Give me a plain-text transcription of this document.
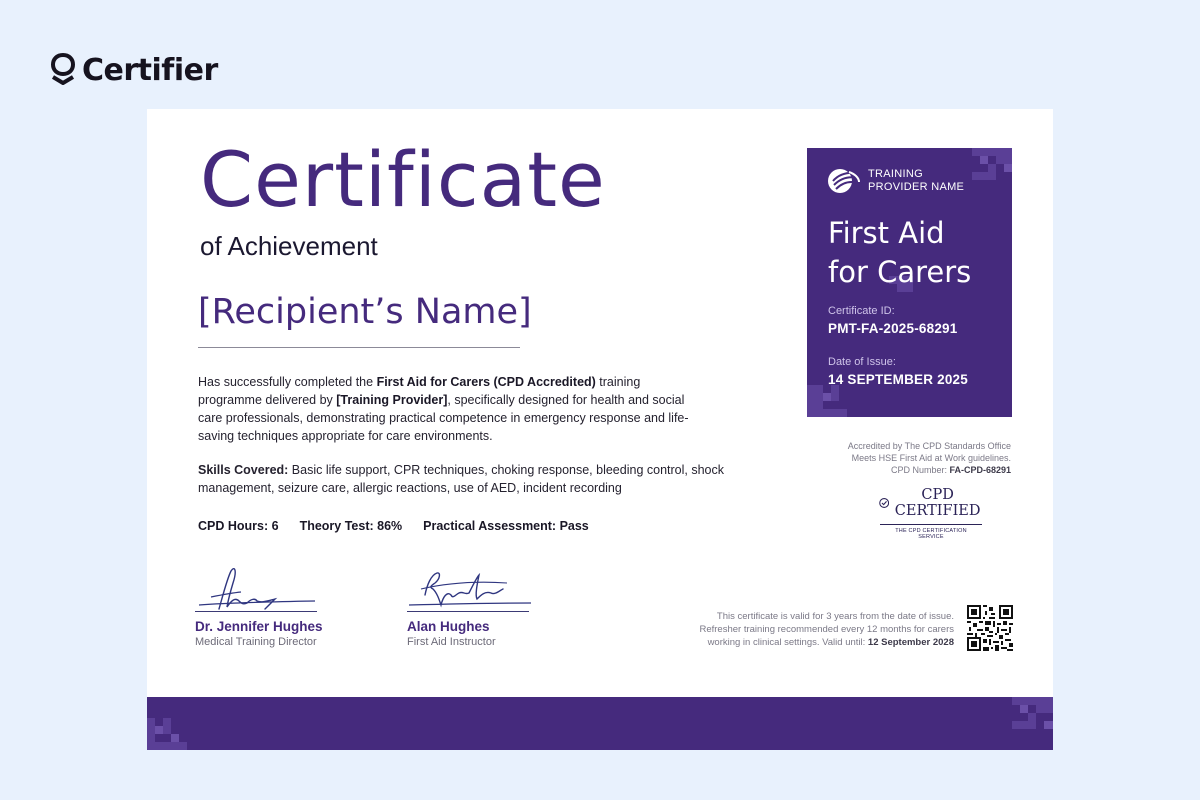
Certifier
Certificate
of Achievement
[Recipient’s Name]
Has successfully completed the First Aid for Carers (CPD Accredited) training programme delivered by [Training Provider], specifically designed for health and social care professionals, demonstrating practical competence in emergency response and life-saving techniques appropriate for care environments.
Skills Covered: Basic life support, CPR techniques, choking response, bleeding control, shock management, seizure care, allergic reactions, use of AED, incident recording
CPD Hours: 6 Theory Test: 86% Practical Assessment: Pass
Dr. Jennifer Hughes
Medical Training Director
Alan Hughes
First Aid Instructor
TRAINING
PROVIDER NAME
First Aid
for Carers
Certificate ID:
PMT-FA-2025-68291
Date of Issue:
14 SEPTEMBER 2025
Accredited by The CPD Standards Office
Meets HSE First Aid at Work guidelines.
CPD Number: FA-CPD-68291
CPD CERTIFIED
THE CPD CERTIFICATION
SERVICE
This certificate is valid for 3 years from the date of issue.
Refresher training recommended every 12 months for carers
working in clinical settings. Valid until: 12 September 2028
